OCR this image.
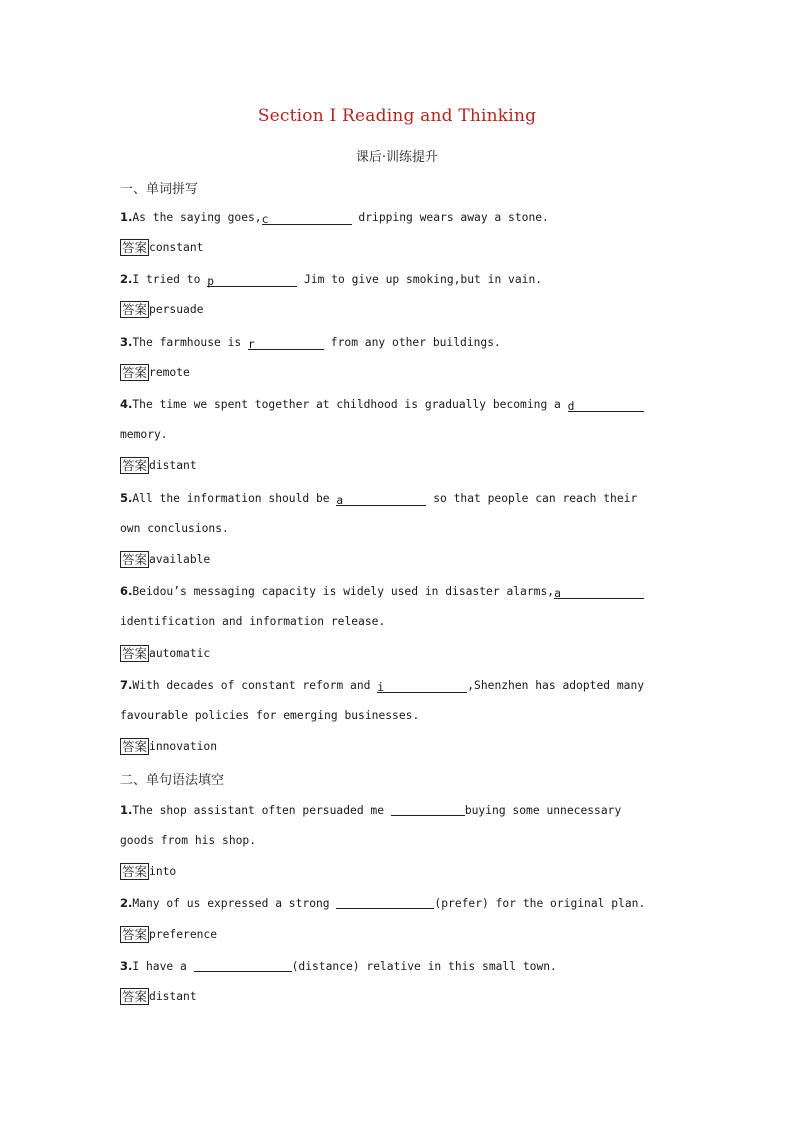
Section Ⅰ Reading and Thinking
课后·训练提升
一、单词拼写
1.As the saying goes,c	dripping wears away a stone.
答案 constant
2.I tried to p	Jim to give up smoking,but in vain.
答案 persuade
3.The farmhouse is r	from any other buildings.
答案 remote
4.The time we spent together at childhood is gradually becoming a d
memory.
答案 distant
5.All the information should be a	so that people can reach their
own conclusions.
答案 available
6.Beidou’s messaging capacity is widely used in disaster alarms,a
identification and information release.
答案 automatic
7.With decades of constant reform and i	,Shenzhen has adopted many
favourable policies for emerging businesses.
答案 innovation
二、单句语法填空
1.The shop assistant often persuaded me	buying some unnecessary
goods from his shop.
答案 into
2.Many of us expressed a strong	(prefer) for the original plan.
答案 preference
3.I have a	(distance) relative in this small town.
答案 distant
